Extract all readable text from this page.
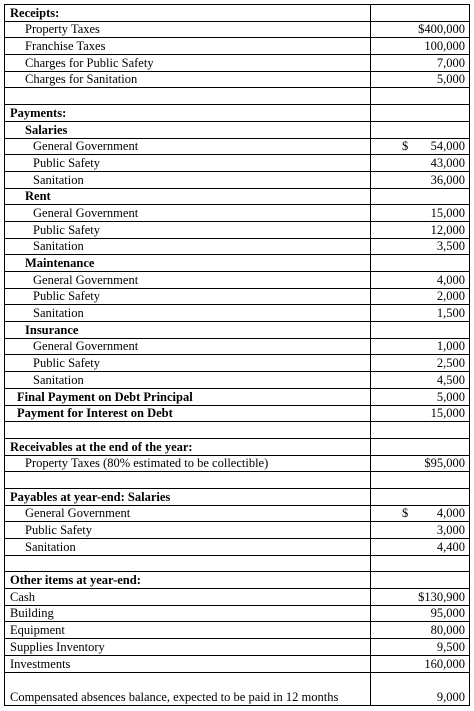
Receipts:	
Property Taxes	$400,000
Franchise Taxes	100,000
Charges for Public Safety	7,000
Charges for Sanitation	5,000

Payments:	
Salaries	
General Government	$ 54,000

Public Safety	43,000
Sanitation	36,000
Rent	
General Government	15,000
Public Safety	12,000
Sanitation	3,500
Maintenance	
General Government	4,000
Public Safety	2,000
Sanitation	1,500
Insurance	
General Government	1,000
Public Safety	2,500
Sanitation	4,500
Final Payment on Debt Principal	5,000
Payment for Interest on Debt	15,000

Receivables at the end of the year:	
Property Taxes (80% estimated to be collectible)	$95,000

Payables at year-end: Salaries	
General Government	$ 4,000

Public Safety	3,000
Sanitation	4,400

Other items at year-end:	
Cash	$130,900
Building	95,000
Equipment	80,000
Supplies Inventory	9,500
Investments	160,000
Compensated absences balance, expected to be paid in 12 months	9,000
